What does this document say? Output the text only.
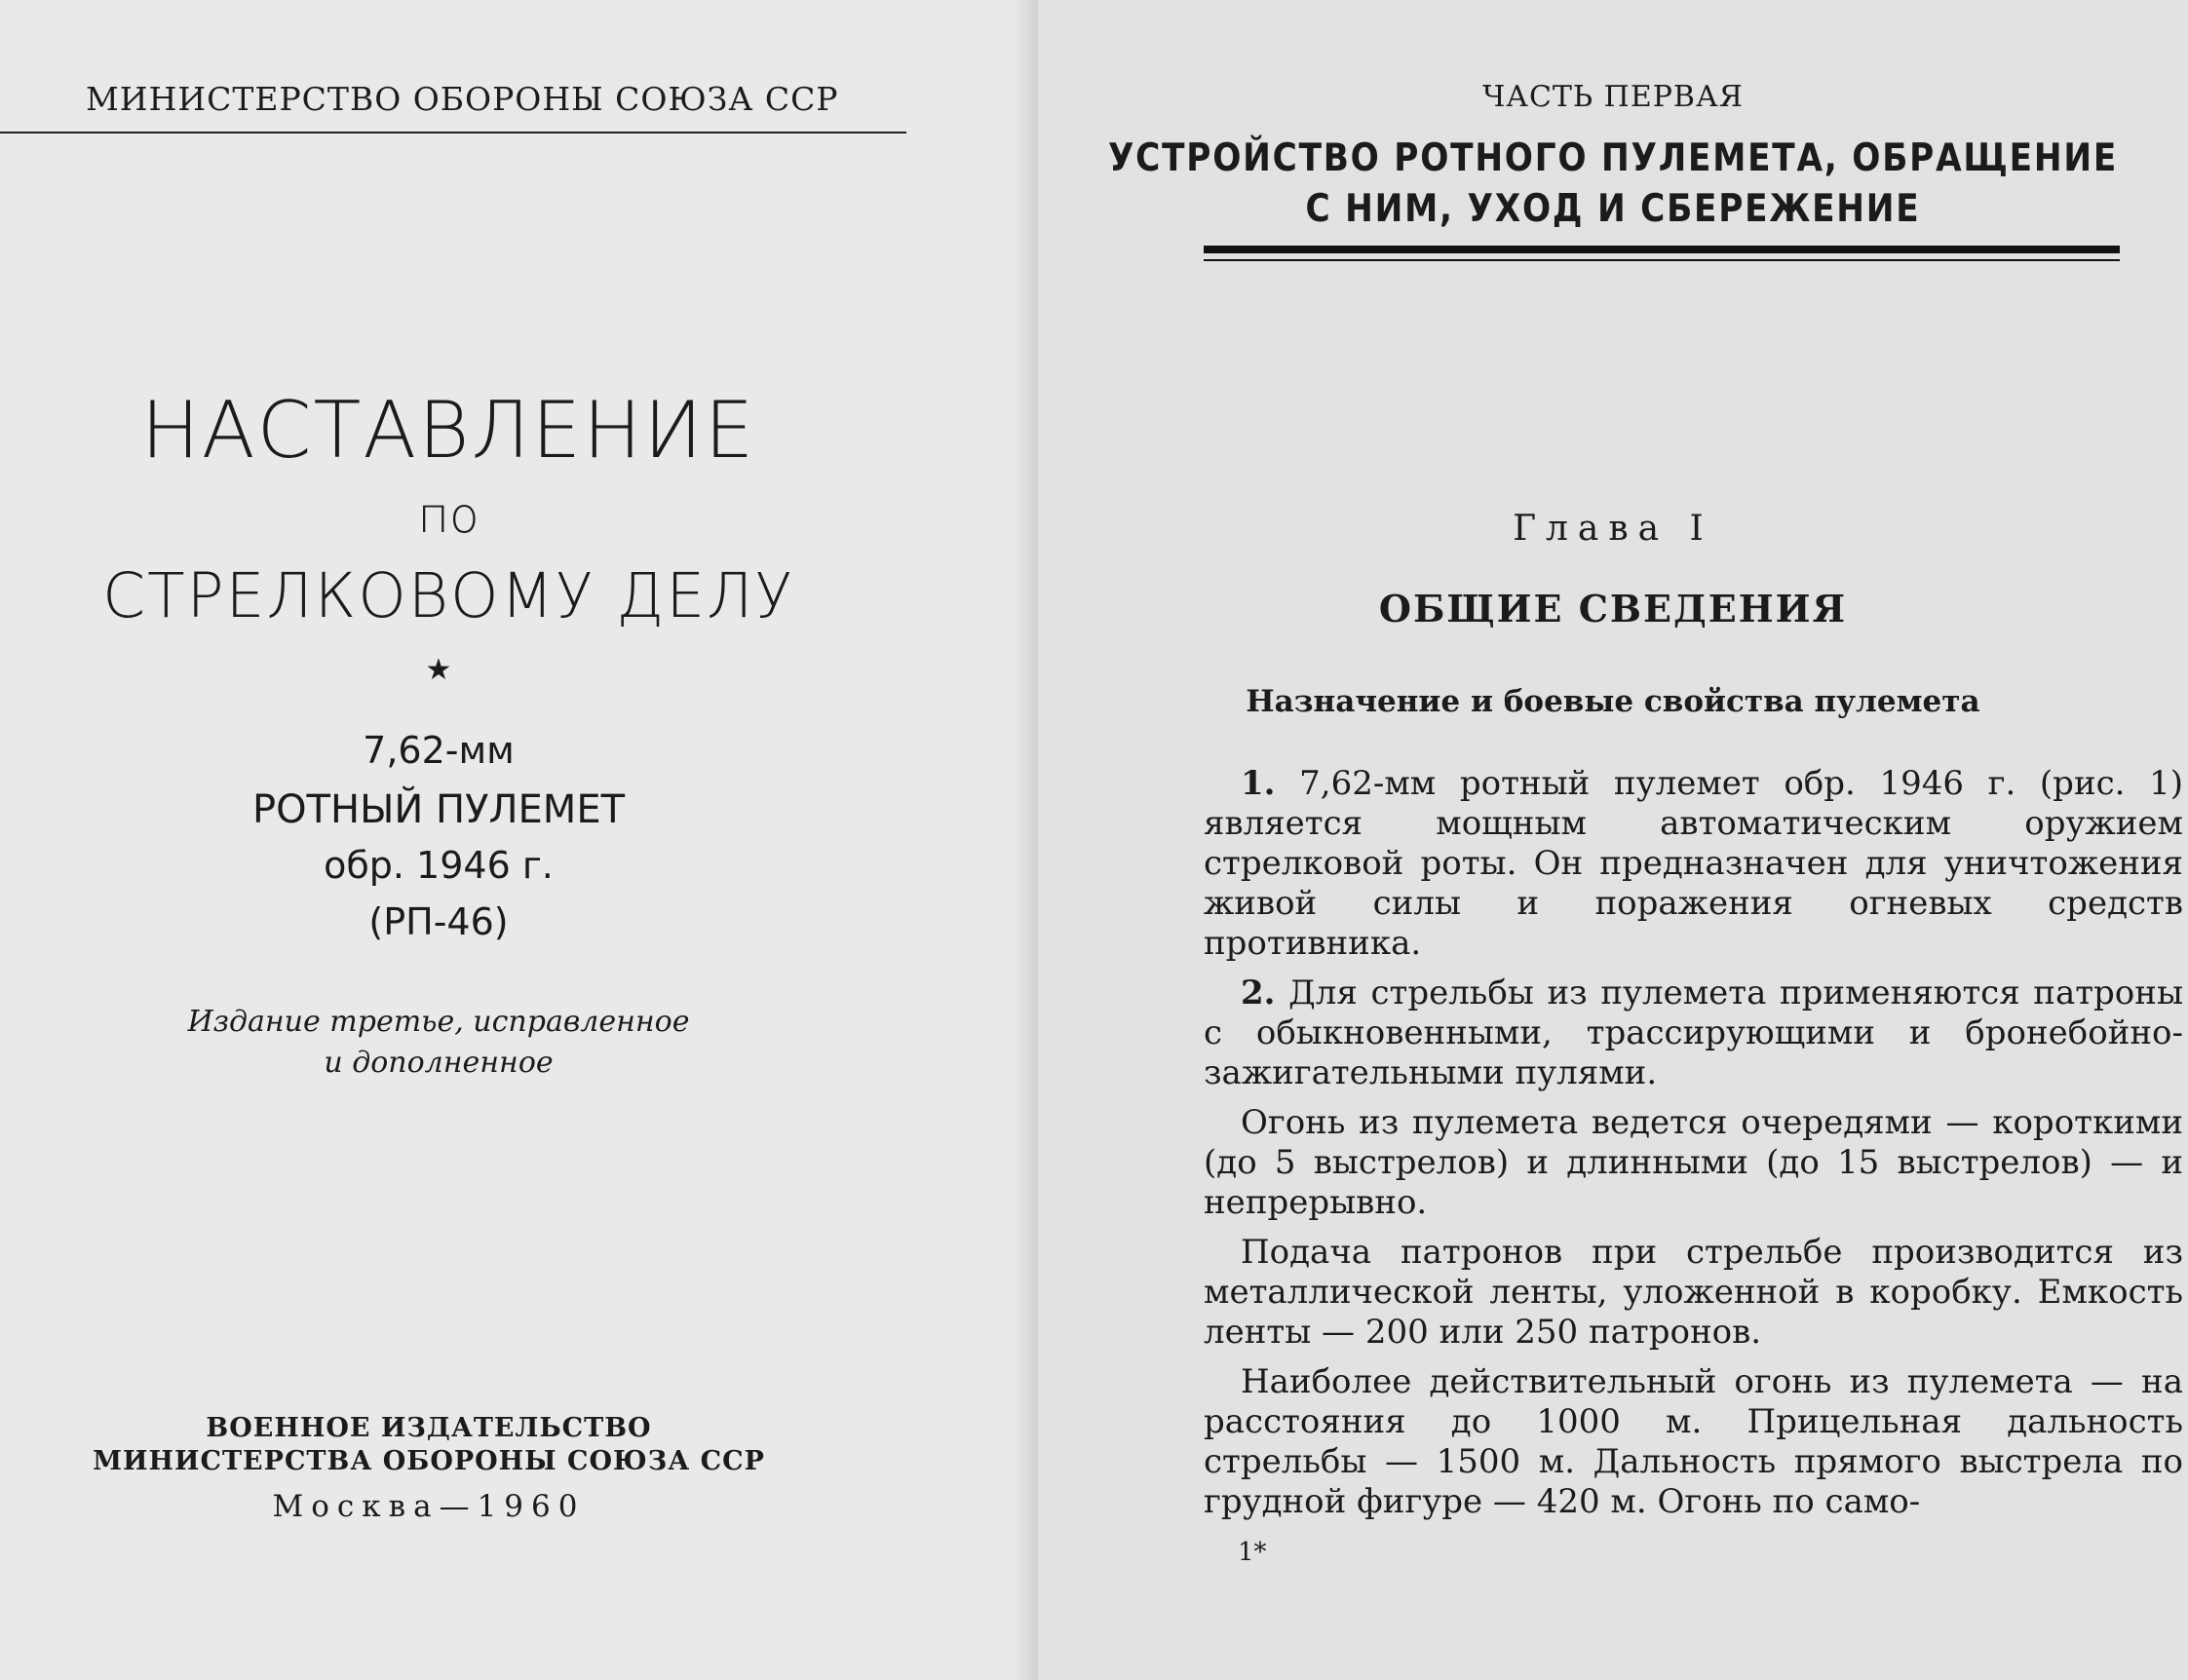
МИНИСТЕРСТВО ОБОРОНЫ СОЮЗА ССР
НАСТАВЛЕНИЕ
по
СТРЕЛКОВОМУ ДЕЛУ
★
7,62-мм
РОТНЫЙ ПУЛЕМЕТ
обр. 1946 г.
(РП-46)
Издание третье, исправленное
и дополненное
ВОЕННОЕ ИЗДАТЕЛЬСТВО
МИНИСТЕРСТВА ОБОРОНЫ СОЮЗА ССР
Москва—1960
ЧАСТЬ ПЕРВАЯ
УСТРОЙСТВО РОТНОГО ПУЛЕМЕТА, ОБРАЩЕНИЕ
С НИМ, УХОД И СБЕРЕЖЕНИЕ
Глава I
ОБЩИЕ СВЕДЕНИЯ
Назначение и боевые свойства пулемета

1. 7,62-мм ротный пулемет обр. 1946 г. (рис. 1) является мощным автоматическим оружием стрелковой роты. Он предназначен для уничтожения живой силы и поражения огневых средств противника.

2. Для стрельбы из пулемета применяются патроны с обыкновенными, трассирующими и бронебойно-зажигательными пулями.

Огонь из пулемета ведется очередями — короткими (до 5 выстрелов) и длинными (до 15 выстрелов) — и непрерывно.

Подача патронов при стрельбе производится из металлической ленты, уложенной в коробку. Емкость ленты — 200 или 250 патронов.

Наиболее действительный огонь из пулемета — на расстояния до 1000 м. Прицельная дальность стрельбы — 1500 м. Дальность прямого выстрела по грудной фигуре — 420 м. Огонь по само-

1*
